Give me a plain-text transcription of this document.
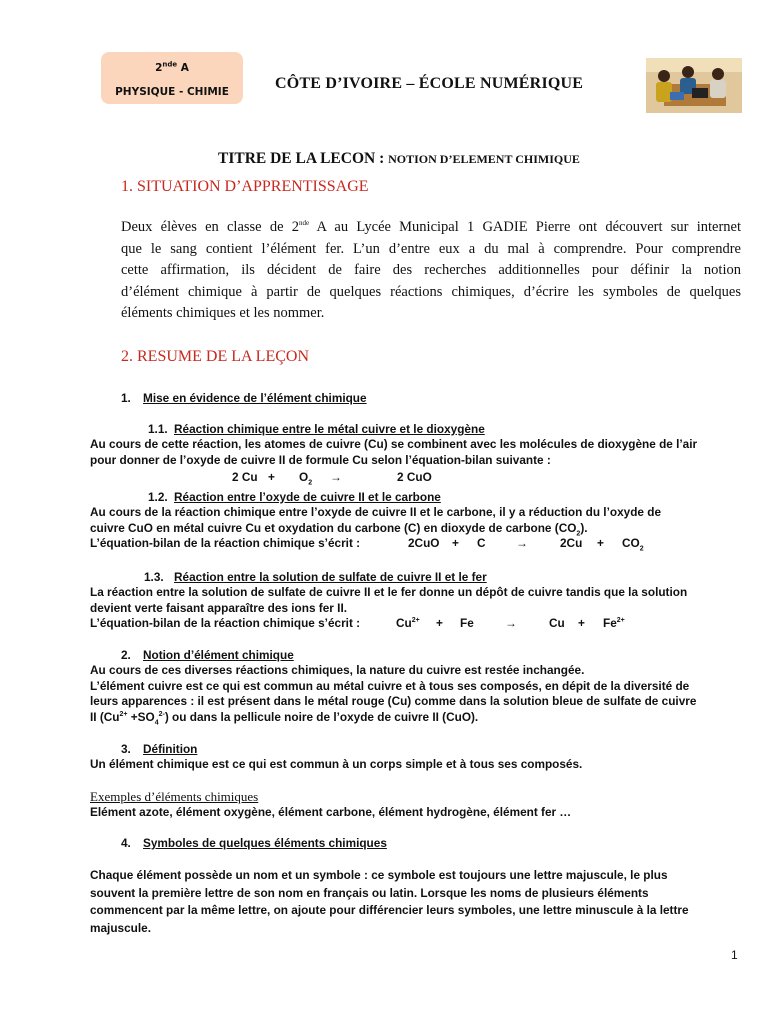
2nde A
PHYSIQUE - CHIMIE	CÔTE D’IVOIRE – ÉCOLE NUMÉRIQUE
TITRE DE LA LECON : NOTION D’ELEMENT CHIMIQUE
1. SITUATION D’APPRENTISSAGE
Deux élèves en classe de 2nde A au Lycée Municipal 1 GADIE Pierre ont découvert sur internet
que le sang contient l’élément fer. L’un d’entre eux a du mal à comprendre. Pour comprendre
cette affirmation, ils décident de faire des recherches additionnelles pour définir la notion
d’élément chimique à partir de quelques réactions chimiques, d’écrire les symboles de quelques
éléments chimiques et les nommer.
2. RESUME DE LA LEÇON
1. Mise en évidence de l’élément chimique
1.1. Réaction chimique entre le métal cuivre et le dioxygène
Au cours de cette réaction, les atomes de cuivre (Cu) se combinent avec les molécules de dioxygène de l’air
pour donner de l’oxyde de cuivre II de formule Cu selon l’équation-bilan suivante :
2 $Cu + O_2$ →	2 CuO
1.2. Réaction entre l’oxyde de cuivre II et le carbone
Au cours de la réaction chimique entre l’oxyde de cuivre II et le carbone, il y a réduction du l’oxyde de
cuivre CuO en métal cuivre Cu et oxydation du carbone (C) en dioxyde de carbone $(CO_2)$.
L’équation-bilan de la réaction chimique s’écrit :	2CuO + C	→	$2Cu + CO_2$
1.3. Réaction entre la solution de sulfate de cuivre II et le fer
La réaction entre la solution de sulfate de cuivre II et le fer donne un dépôt de cuivre tandis que la solution
devient verte faisant apparaître des ions fer II.
L’équation-bilan de la réaction chimique s’écrit :	$Cu^{2+} + Fe$	→	$Cu + Fe^{2+}$
2. Notion d’élément chimique
Au cours de ces diverses réactions chimiques, la nature du cuivre est restée inchangée.
L’élément cuivre est ce qui est commun au métal cuivre et à tous ses composés, en dépit de la diversité de
leurs apparences : il est présent dans le métal rouge (Cu) comme dans la solution bleue de sulfate de cuivre
II $(Cu^{2+} +SO_4^{2-})$ ou dans la pellicule noire de l’oxyde de cuivre II (CuO).
3. Définition
Un élément chimique est ce qui est commun à un corps simple et à tous ses composés.
Exemples d’éléments chimiques
Elément azote, élément oxygène, élément carbone, élément hydrogène, élément fer …
4. Symboles de quelques éléments chimiques
Chaque élément possède un nom et un symbole : ce symbole est toujours une lettre majuscule, le plus
souvent la première lettre de son nom en français ou latin. Lorsque les noms de plusieurs éléments
commencent par la même lettre, on ajoute pour différencier leurs symboles, une lettre minuscule à la lettre
majuscule.
1
